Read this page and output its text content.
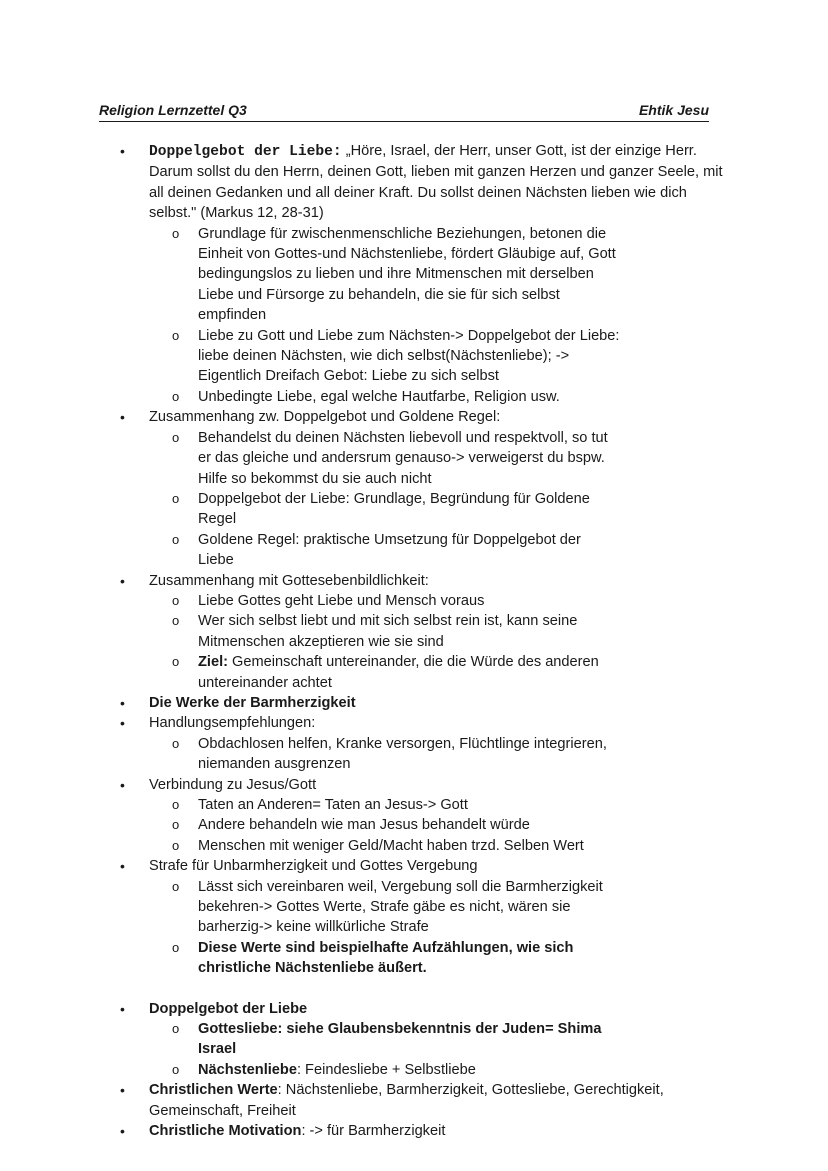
Religion Lernzettel Q3	Ehtik Jesu
•	Doppelgebot der Liebe: „Höre, Israel, der Herr, unser Gott, ist der einzige Herr. Darum sollst du den Herrn, deinen Gott, lieben mit ganzen Herzen und ganzer Seele, mit all deinen Gedanken und all deiner Kraft. Du sollst deinen Nächsten lieben wie dich selbst." (Markus 12, 28-31)
o Grundlage für zwischenmenschliche Beziehungen, betonen die Einheit von Gottes-und Nächstenliebe, fördert Gläubige auf, Gott bedingungslos zu lieben und ihre Mitmenschen mit derselben Liebe und Fürsorge zu behandeln, die sie für sich selbst empfinden
o Liebe zu Gott und Liebe zum Nächsten-> Doppelgebot der Liebe: liebe deinen Nächsten, wie dich selbst(Nächstenliebe); -> Eigentlich Dreifach Gebot: Liebe zu sich selbst
o Unbedingte Liebe, egal welche Hautfarbe, Religion usw.
•	Zusammenhang zw. Doppelgebot und Goldene Regel:
o Behandelst du deinen Nächsten liebevoll und respektvoll, so tut er das gleiche und andersrum genauso-> verweigerst du bspw. Hilfe so bekommst du sie auch nicht
o Doppelgebot der Liebe: Grundlage, Begründung für Goldene Regel
o Goldene Regel: praktische Umsetzung für Doppelgebot der Liebe
•	Zusammenhang mit Gottesebenbildlichkeit:
o Liebe Gottes geht Liebe und Mensch voraus
o Wer sich selbst liebt und mit sich selbst rein ist, kann seine Mitmenschen akzeptieren wie sie sind
o Ziel: Gemeinschaft untereinander, die die Würde des anderen untereinander achtet
•	Die Werke der Barmherzigkeit
•	Handlungsempfehlungen:
o Obdachlosen helfen, Kranke versorgen, Flüchtlinge integrieren, niemanden ausgrenzen
•	Verbindung zu Jesus/Gott
o Taten an Anderen= Taten an Jesus-> Gott
o Andere behandeln wie man Jesus behandelt würde
o Menschen mit weniger Geld/Macht haben trzd. Selben Wert
•	Strafe für Unbarmherzigkeit und Gottes Vergebung
o Lässt sich vereinbaren weil, Vergebung soll die Barmherzigkeit bekehren-> Gottes Werte, Strafe gäbe es nicht, wären sie barherzig-> keine willkürliche Strafe
o Diese Werte sind beispielhafte Aufzählungen, wie sich christliche Nächstenliebe äußert.
•	Doppelgebot der Liebe
o Gottesliebe: siehe Glaubensbekenntnis der Juden= Shima Israel
o Nächstenliebe: Feindesliebe + Selbstliebe
•	Christlichen Werte: Nächstenliebe, Barmherzigkeit, Gottesliebe, Gerechtigkeit, Gemeinschaft, Freiheit
•	Christliche Motivation: -> für Barmherzigkeit
